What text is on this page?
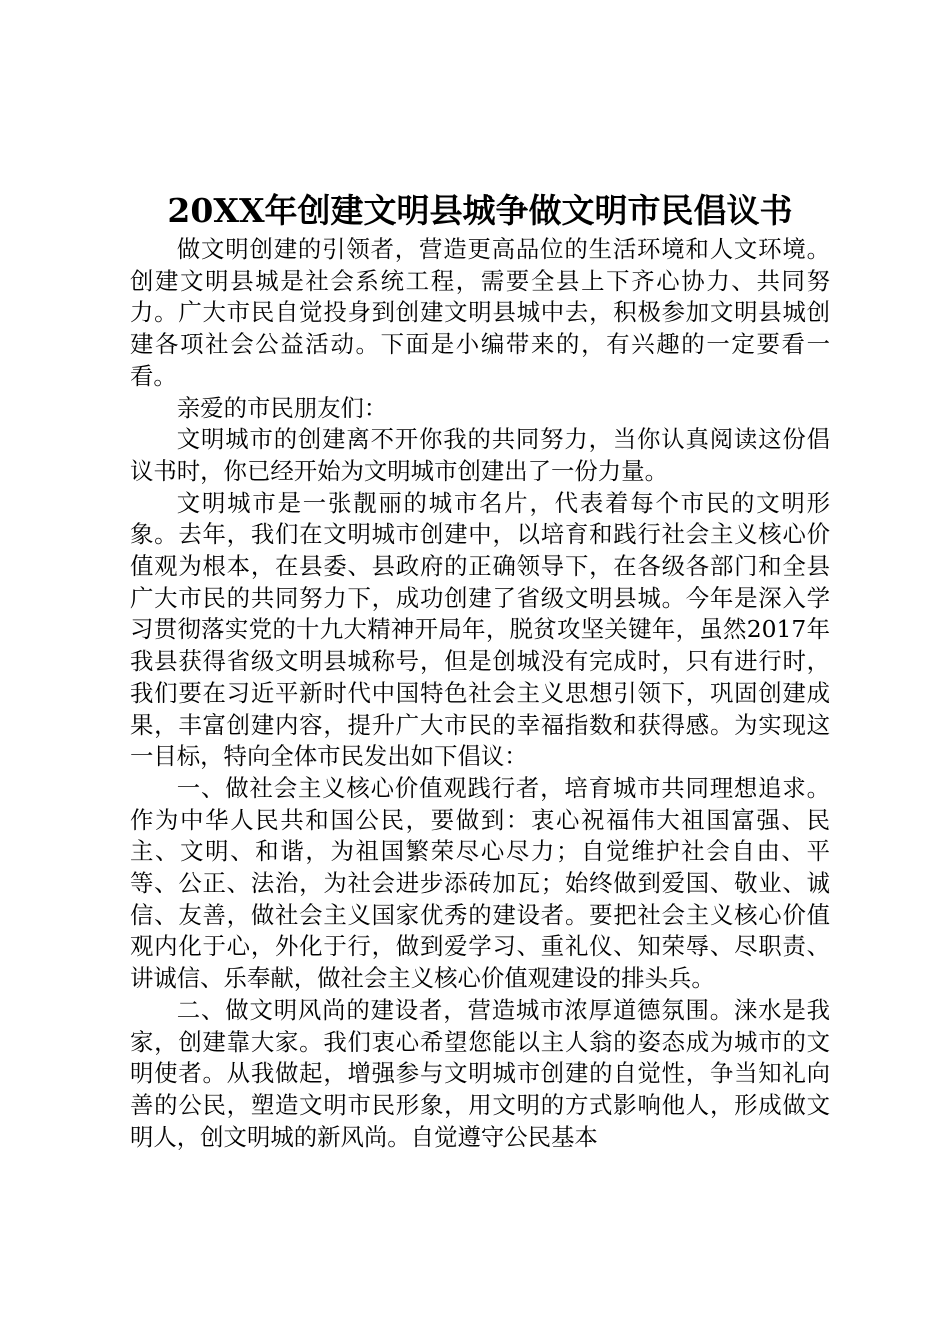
20XX年创建文明县城争做文明市民倡议书

做文明创建的引领者，营造更高品位的生活环境和人文环境。创建文明县城是社会系统工程，需要全县上下齐心协力、共同努力。广大市民自觉投身到创建文明县城中去，积极参加文明县城创建各项社会公益活动。下面是小编带来的，有兴趣的一定要看一看。

亲爱的市民朋友们：

文明城市的创建离不开你我的共同努力，当你认真阅读这份倡议书时，你已经开始为文明城市创建出了一份力量。

文明城市是一张靓丽的城市名片，代表着每个市民的文明形象。去年，我们在文明城市创建中，以培育和践行社会主义核心价值观为根本，在县委、县政府的正确领导下，在各级各部门和全县广大市民的共同努力下，成功创建了省级文明县城。今年是深入学习贯彻落实党的十九大精神开局年，脱贫攻坚关键年，虽然2017年我县获得省级文明县城称号，但是创城没有完成时，只有进行时，我们要在习近平新时代中国特色社会主义思想引领下，巩固创建成果，丰富创建内容，提升广大市民的幸福指数和获得感。为实现这一目标，特向全体市民发出如下倡议：

一、做社会主义核心价值观践行者，培育城市共同理想追求。作为中华人民共和国公民，要做到：衷心祝福伟大祖国富强、民主、文明、和谐，为祖国繁荣尽心尽力；自觉维护社会自由、平等、公正、法治，为社会进步添砖加瓦；始终做到爱国、敬业、诚信、友善，做社会主义国家优秀的建设者。要把社会主义核心价值观内化于心，外化于行，做到爱学习、重礼仪、知荣辱、尽职责、讲诚信、乐奉献，做社会主义核心价值观建设的排头兵。

二、做文明风尚的建设者，营造城市浓厚道德氛围。涞水是我家，创建靠大家。我们衷心希望您能以主人翁的姿态成为城市的文明使者。从我做起，增强参与文明城市创建的自觉性，争当知礼向善的公民，塑造文明市民形象，用文明的方式影响他人，形成做文明人，创文明城的新风尚。自觉遵守公民基本
